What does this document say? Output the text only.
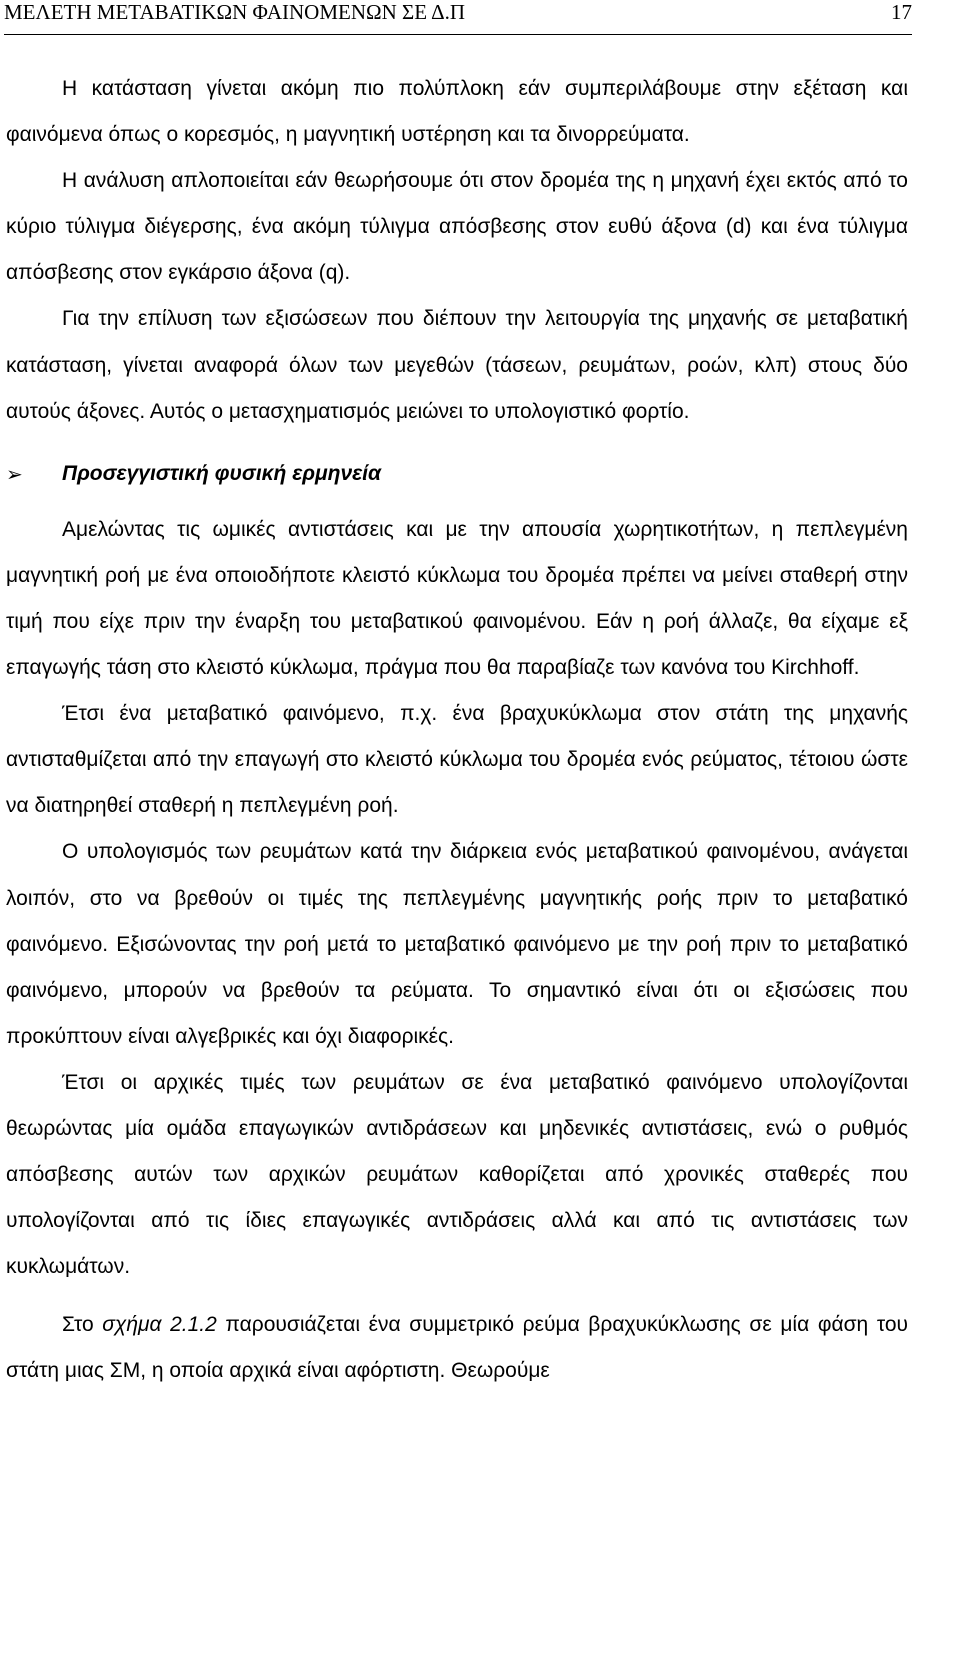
ΜΕΛΕΤΗ ΜΕΤΑΒΑΤΙΚΩΝ ΦΑΙΝΟΜΕΝΩΝ ΣΕ Δ.Π	17

Η κατάσταση γίνεται ακόμη πιο πολύπλοκη εάν συμπεριλάβουμε στην εξέταση και φαινόμενα όπως ο κορεσμός, η μαγνητική υστέρηση και τα δινορρεύματα.

Η ανάλυση απλοποιείται εάν θεωρήσουμε ότι στον δρομέα της η μηχανή έχει εκτός από το κύριο τύλιγμα διέγερσης, ένα ακόμη τύλιγμα απόσβεσης στον ευθύ άξονα (d) και ένα τύλιγμα απόσβεσης στον εγκάρσιο άξονα (q).

Για την επίλυση των εξισώσεων που διέπουν την λειτουργία της μηχανής σε μεταβατική κατάσταση, γίνεται αναφορά όλων των μεγεθών (τάσεων, ρευμάτων, ροών, κλπ) στους δύο αυτούς άξονες. Αυτός ο μετασχηματισμός μειώνει το υπολογιστικό φορτίο.

➢ Προσεγγιστική φυσική ερμηνεία

Αμελώντας τις ωμικές αντιστάσεις και με την απουσία χωρητικοτήτων, η πεπλεγμένη μαγνητική ροή με ένα οποιοδήποτε κλειστό κύκλωμα του δρομέα πρέπει να μείνει σταθερή στην τιμή που είχε πριν την έναρξη του μεταβατικού φαινομένου. Εάν η ροή άλλαζε, θα είχαμε εξ επαγωγής τάση στο κλειστό κύκλωμα, πράγμα που θα παραβίαζε των κανόνα του Kirchhoff.

Έτσι ένα μεταβατικό φαινόμενο, π.χ. ένα βραχυκύκλωμα στον στάτη της μηχανής αντισταθμίζεται από την επαγωγή στο κλειστό κύκλωμα του δρομέα ενός ρεύματος, τέτοιου ώστε να διατηρηθεί σταθερή η πεπλεγμένη ροή.

Ο υπολογισμός των ρευμάτων κατά την διάρκεια ενός μεταβατικού φαινομένου, ανάγεται λοιπόν, στο να βρεθούν οι τιμές της πεπλεγμένης μαγνητικής ροής πριν το μεταβατικό φαινόμενο. Εξισώνοντας την ροή μετά το μεταβατικό φαινόμενο με την ροή πριν το μεταβατικό φαινόμενο, μπορούν να βρεθούν τα ρεύματα. Το σημαντικό είναι ότι οι εξισώσεις που προκύπτουν είναι αλγεβρικές και όχι διαφορικές.

Έτσι οι αρχικές τιμές των ρευμάτων σε ένα μεταβατικό φαινόμενο υπολογίζονται θεωρώντας μία ομάδα επαγωγικών αντιδράσεων και μηδενικές αντιστάσεις, ενώ ο ρυθμός απόσβεσης αυτών των αρχικών ρευμάτων καθορίζεται από χρονικές σταθερές που υπολογίζονται από τις ίδιες επαγωγικές αντιδράσεις αλλά και από τις αντιστάσεις των κυκλωμάτων.

Στο σχήμα 2.1.2 παρουσιάζεται ένα συμμετρικό ρεύμα βραχυκύκλωσης σε μία φάση του στάτη μιας ΣΜ, η οποία αρχικά είναι αφόρτιστη. Θεωρούμε
